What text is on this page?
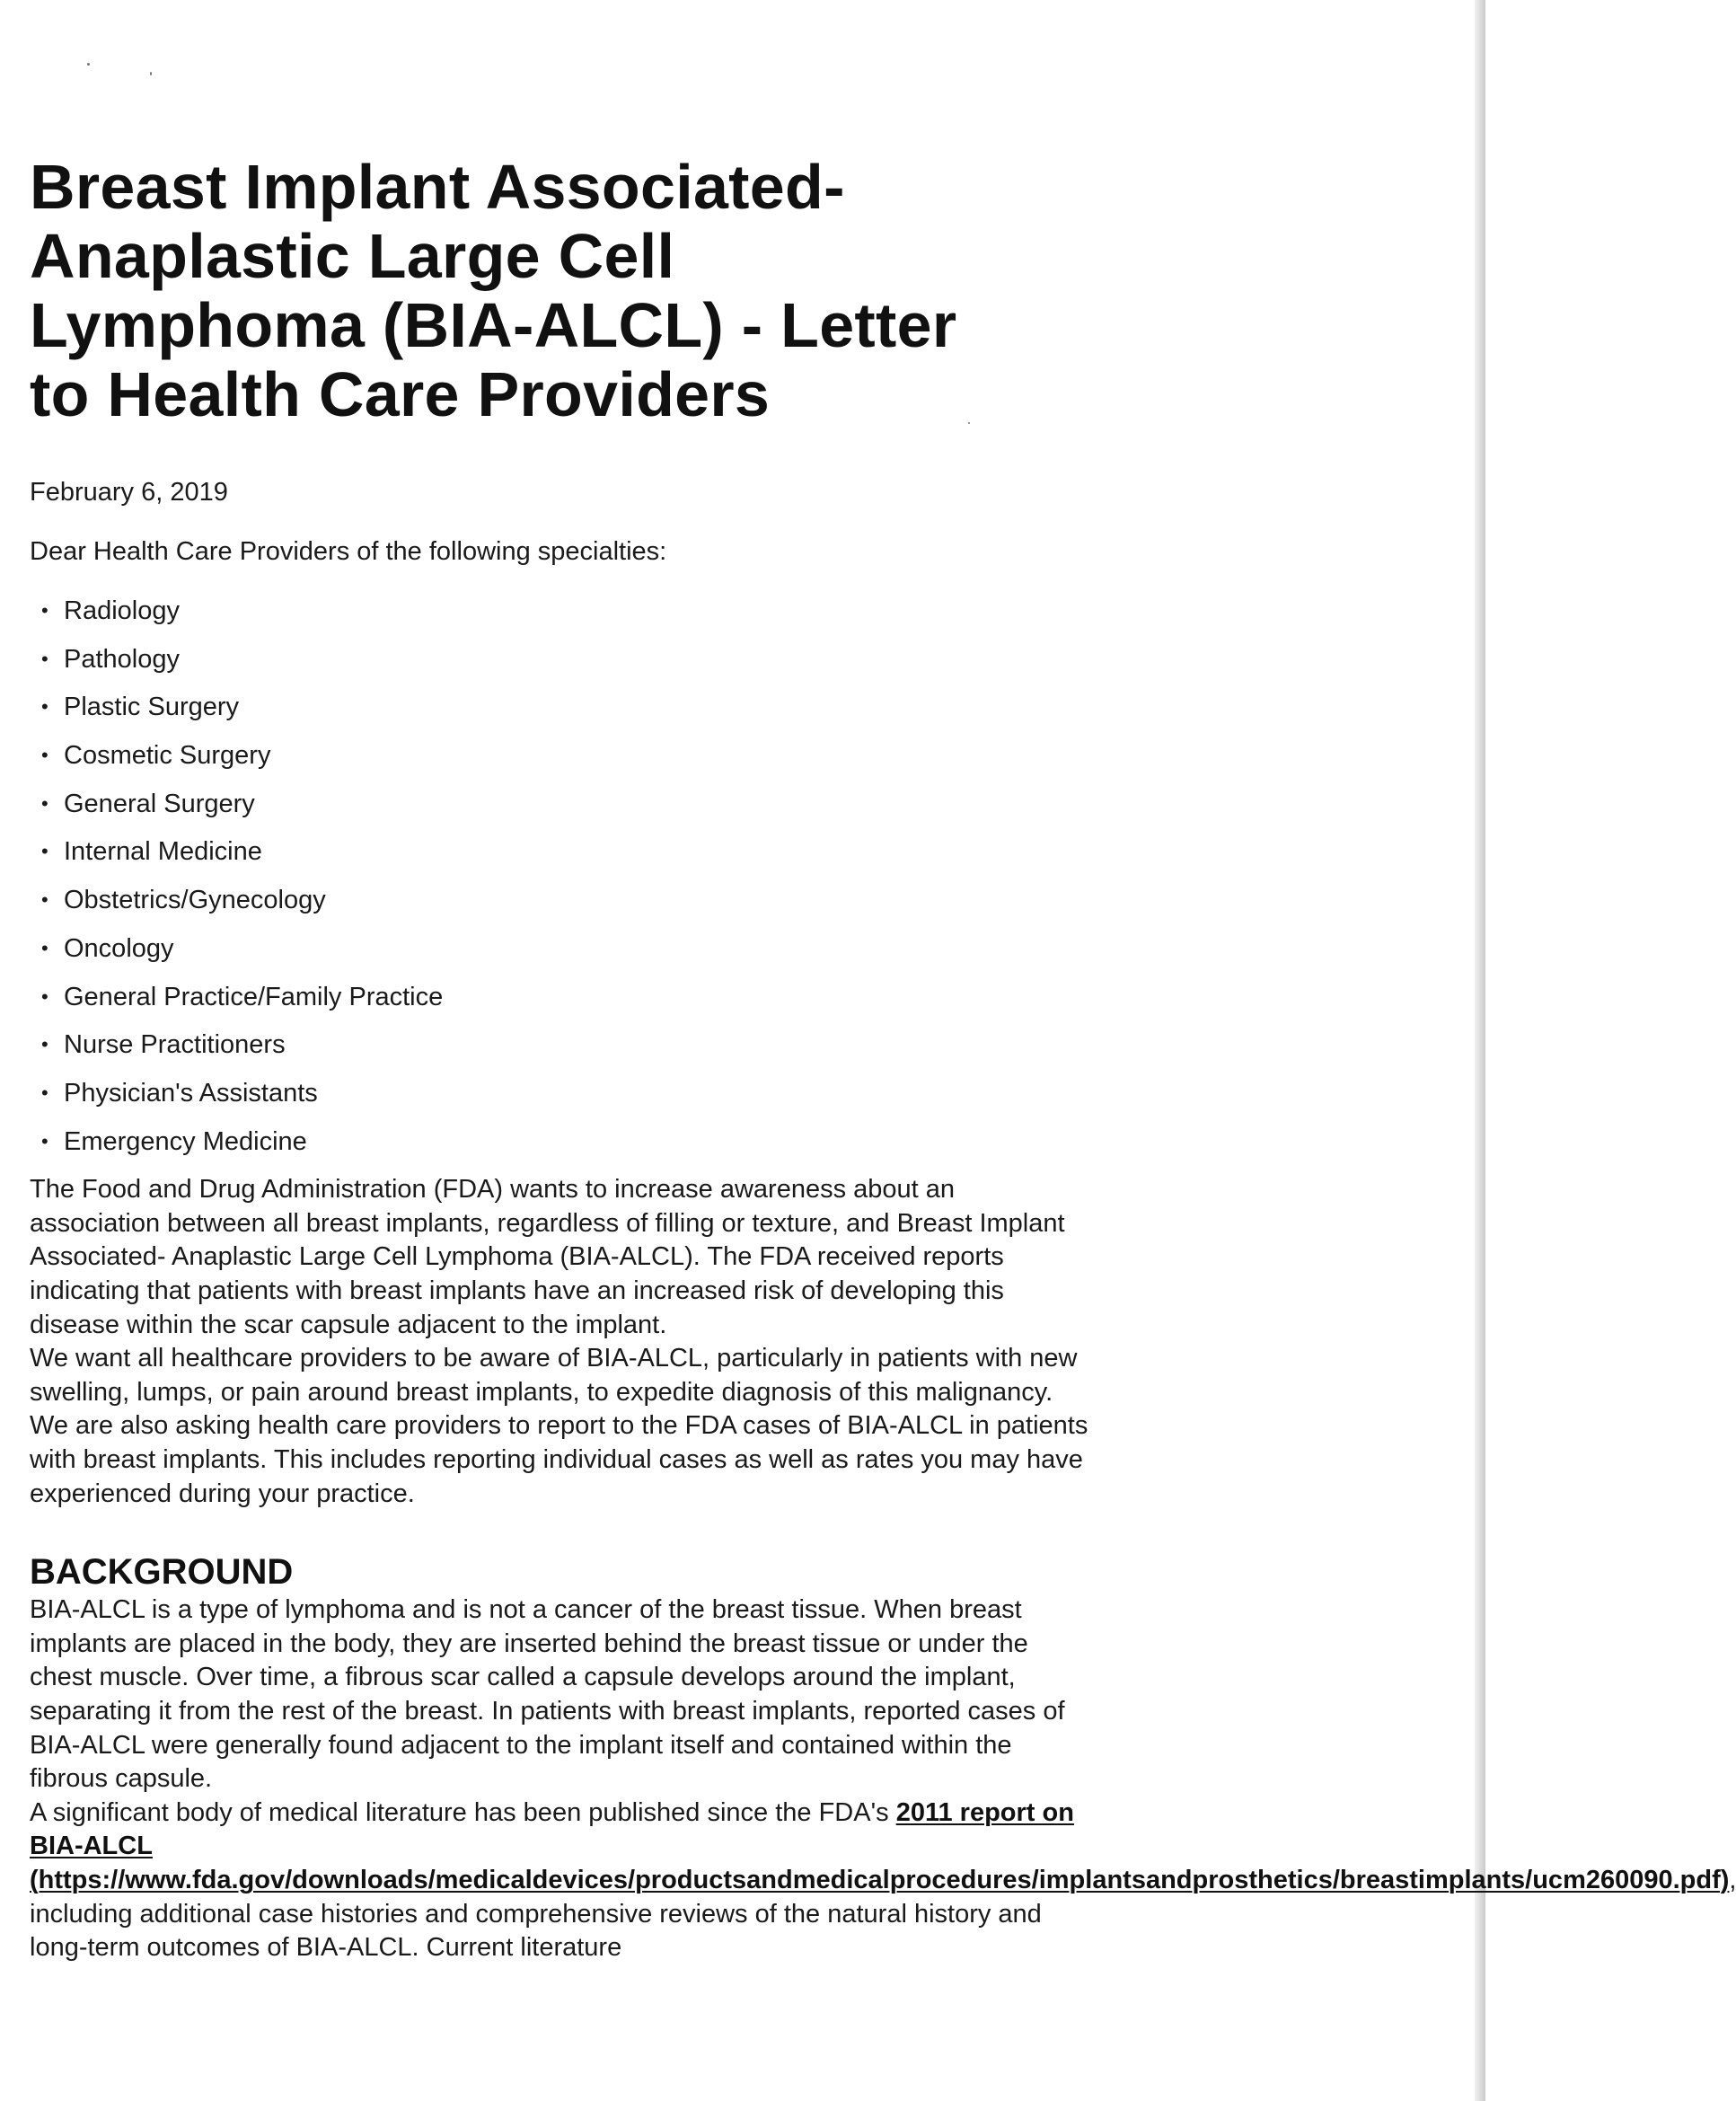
Breast Implant Associated-
Anaplastic Large Cell
Lymphoma (BIA-ALCL) - Letter
to Health Care Providers
February 6, 2019
Dear Health Care Providers of the following specialties:
• Radiology
• Pathology
• Plastic Surgery
• Cosmetic Surgery
• General Surgery
• Internal Medicine
• Obstetrics/Gynecology
• Oncology
• General Practice/Family Practice
• Nurse Practitioners
• Physician's Assistants
• Emergency Medicine

The Food and Drug Administration (FDA) wants to increase awareness about an association between all breast implants, regardless of filling or texture, and Breast Implant Associated- Anaplastic Large Cell Lymphoma (BIA-ALCL). The FDA received reports indicating that patients with breast implants have an increased risk of developing this disease within the scar capsule adjacent to the implant.

We want all healthcare providers to be aware of BIA-ALCL, particularly in patients with new swelling, lumps, or pain around breast implants, to expedite diagnosis of this malignancy. We are also asking health care providers to report to the FDA cases of BIA-ALCL in patients with breast implants. This includes reporting individual cases as well as rates you may have experienced during your practice.

BACKGROUND

BIA-ALCL is a type of lymphoma and is not a cancer of the breast tissue. When breast implants are placed in the body, they are inserted behind the breast tissue or under the chest muscle. Over time, a fibrous scar called a capsule develops around the implant, separating it from the rest of the breast. In patients with breast implants, reported cases of BIA-ALCL were generally found adjacent to the implant itself and contained within the fibrous capsule.

A significant body of medical literature has been published since the FDA's 2011 report on BIA-ALCL (https://www.fda.gov/downloads/medicaldevices/productsandmedicalprocedures/implantsandprosthetics/breastimplants/ucm260090.pdf), including additional case histories and comprehensive reviews of the natural history and long-term outcomes of BIA-ALCL. Current literature
